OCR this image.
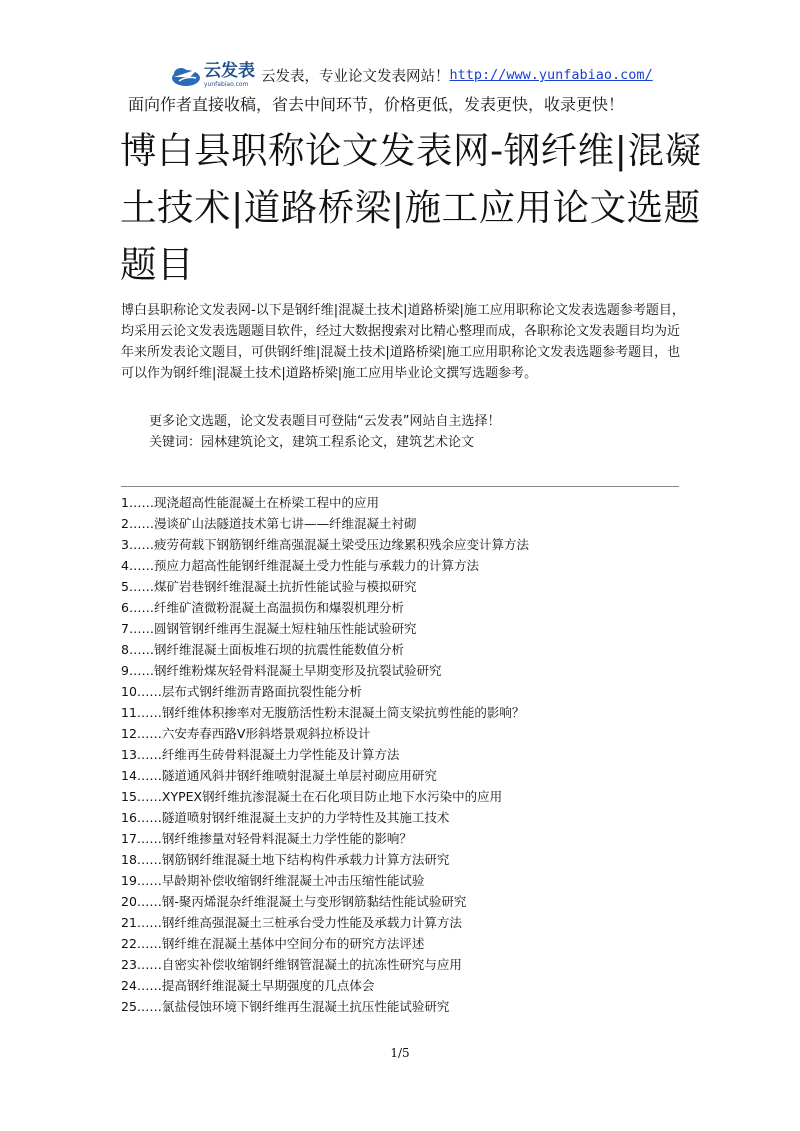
云发表
yunfabiao.com 云发表，专业论文发表网站！ http://www.yunfabiao.com/
面向作者直接收稿，省去中间环节，价格更低，发表更快，收录更快！
博白县职称论文发表网-钢纤维|混凝土技术|道路桥梁|施工应用论文选题题目

博白县职称论文发表网-以下是钢纤维|混凝土技术|道路桥梁|施工应用职称论文发表选题参考题目，均采用云论文发表选题题目软件，经过大数据搜索对比精心整理而成，各职称论文发表题目均为近年来所发表论文题目，可供钢纤维|混凝土技术|道路桥梁|施工应用职称论文发表选题参考题目，也可以作为钢纤维|混凝土技术|道路桥梁|施工应用毕业论文撰写选题参考。

更多论文选题，论文发表题目可登陆“云发表”网站自主选择！

关键词：园林建筑论文，建筑工程系论文，建筑艺术论文

1……现浇超高性能混凝土在桥梁工程中的应用
2……漫谈矿山法隧道技术第七讲——纤维混凝土衬砌
3……疲劳荷载下钢筋钢纤维高强混凝土梁受压边缘累积残余应变计算方法
4……预应力超高性能钢纤维混凝土受力性能与承载力的计算方法
5……煤矿岩巷钢纤维混凝土抗折性能试验与模拟研究
6……纤维矿渣微粉混凝土高温损伤和爆裂机理分析
7……圆钢管钢纤维再生混凝土短柱轴压性能试验研究
8……钢纤维混凝土面板堆石坝的抗震性能数值分析
9……钢纤维粉煤灰轻骨料混凝土早期变形及抗裂试验研究
10……层布式钢纤维沥青路面抗裂性能分析
11……钢纤维体积掺率对无腹筋活性粉末混凝土简支梁抗剪性能的影响？
12……六安寿春西路Ⅴ形斜塔景观斜拉桥设计
13……纤维再生砖骨料混凝土力学性能及计算方法
14……隧道通风斜井钢纤维喷射混凝土单层衬砌应用研究
15……XYPEX钢纤维抗渗混凝土在石化项目防止地下水污染中的应用
16……隧道喷射钢纤维混凝土支护的力学特性及其施工技术
17……钢纤维掺量对轻骨料混凝土力学性能的影响？
18……钢筋钢纤维混凝土地下结构构件承载力计算方法研究
19……早龄期补偿收缩钢纤维混凝土冲击压缩性能试验
20……钢-聚丙烯混杂纤维混凝土与变形钢筋黏结性能试验研究
21……钢纤维高强混凝土三桩承台受力性能及承载力计算方法
22……钢纤维在混凝土基体中空间分布的研究方法评述
23……自密实补偿收缩钢纤维钢管混凝土的抗冻性研究与应用
24……提高钢纤维混凝土早期强度的几点体会
25……氯盐侵蚀环境下钢纤维再生混凝土抗压性能试验研究
1/5
